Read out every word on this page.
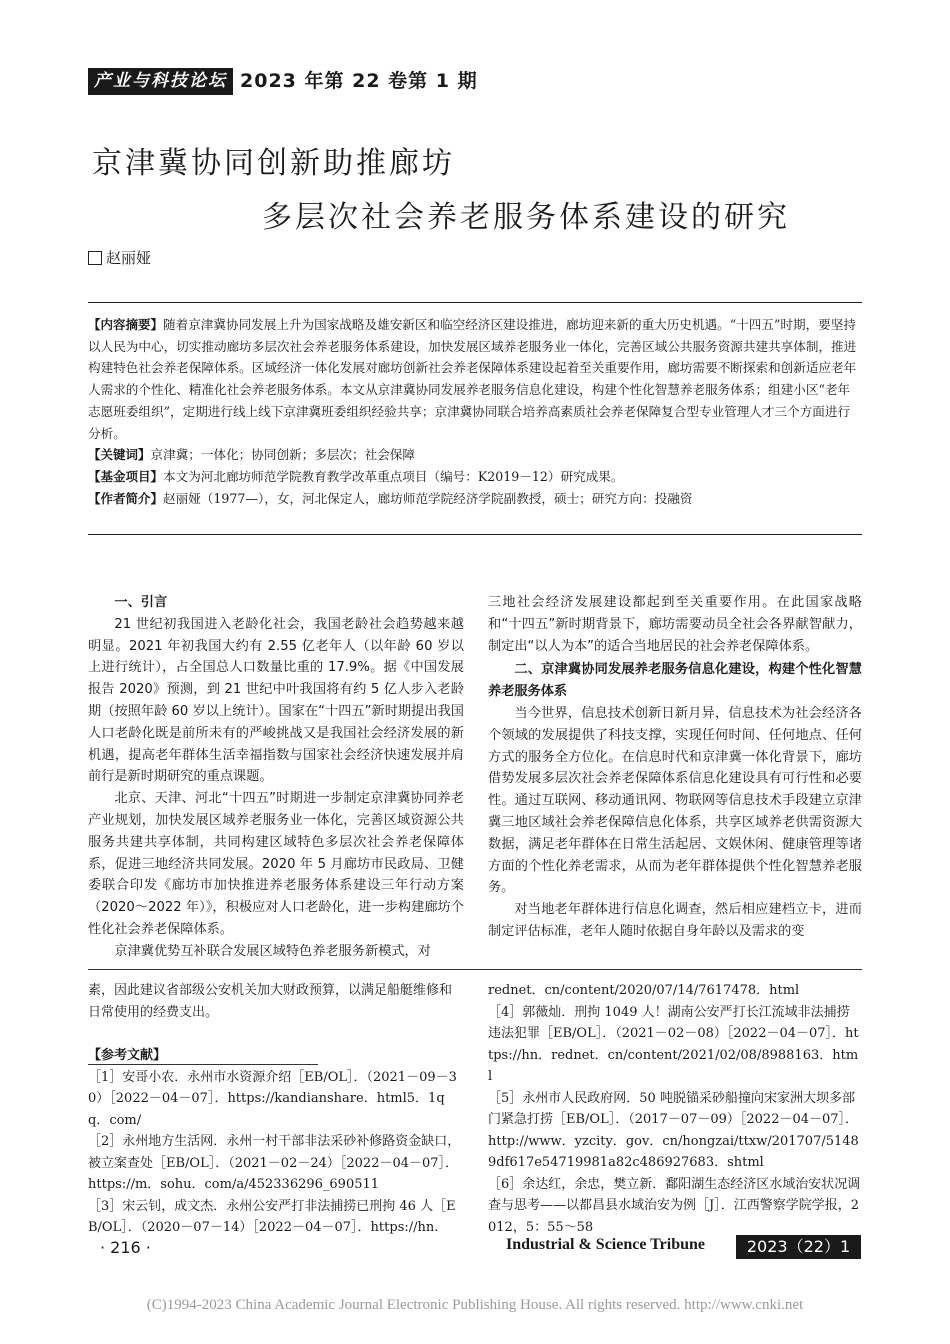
产业与科技论坛 2023 年第 22 卷第 1 期
京津冀协同创新助推廊坊
多层次社会养老服务体系建设的研究
赵丽娅

【内容摘要】随着京津冀协同发展上升为国家战略及雄安新区和临空经济区建设推进，廊坊迎来新的重大历史机遇。“十四五”时期，要坚持以人民为中心，切实推动廊坊多层次社会养老服务体系建设，加快发展区域养老服务业一体化，完善区域公共服务资源共建共享体制，推进构建特色社会养老保障体系。区域经济一体化发展对廊坊创新社会养老保障体系建设起着至关重要作用，廊坊需要不断探索和创新适应老年人需求的个性化、精准化社会养老服务体系。本文从京津冀协同发展养老服务信息化建设，构建个性化智慧养老服务体系；组建小区“老年志愿班委组织”，定期进行线上线下京津冀班委组织经验共享；京津冀协同联合培养高素质社会养老保障复合型专业管理人才三个方面进行分析。

【关键词】京津冀；一体化；协同创新；多层次；社会保障

【基金项目】本文为河北廊坊师范学院教育教学改革重点项目（编号：K2019－12）研究成果。

【作者简介】赵丽娅（1977—），女，河北保定人，廊坊师范学院经济学院副教授，硕士；研究方向：投融资

一、引言

21 世纪初我国进入老龄化社会，我国老龄社会趋势越来越明显。2021 年初我国大约有 2.55 亿老年人（以年龄 60 岁以上进行统计），占全国总人口数量比重的 17.9%。据《中国发展报告 2020》预测，到 21 世纪中叶我国将有约 5 亿人步入老龄期（按照年龄 60 岁以上统计）。国家在“十四五”新时期提出我国人口老龄化既是前所未有的严峻挑战又是我国社会经济发展的新机遇，提高老年群体生活幸福指数与国家社会经济快速发展并肩前行是新时期研究的重点课题。

北京、天津、河北“十四五”时期进一步制定京津冀协同养老产业规划，加快发展区域养老服务业一体化，完善区域资源公共服务共建共享体制，共同构建区域特色多层次社会养老保障体系，促进三地经济共同发展。2020 年 5 月廊坊市民政局、卫健委联合印发《廊坊市加快推进养老服务体系建设三年行动方案（2020～2022 年）》，积极应对人口老龄化，进一步构建廊坊个性化社会养老保障体系。

京津冀优势互补联合发展区域特色养老服务新模式，对

三地社会经济发展建设都起到至关重要作用。在此国家战略和“十四五”新时期背景下，廊坊需要动员全社会各界献智献力，制定出“以人为本”的适合当地居民的社会养老保障体系。

二、京津冀协同发展养老服务信息化建设，构建个性化智慧养老服务体系

当今世界，信息技术创新日新月异，信息技术为社会经济各个领域的发展提供了科技支撑，实现任何时间、任何地点、任何方式的服务全方位化。在信息时代和京津冀一体化背景下，廊坊借势发展多层次社会养老保障体系信息化建设具有可行性和必要性。通过互联网、移动通讯网、物联网等信息技术手段建立京津冀三地区域社会养老保障信息化体系，共享区域养老供需资源大数据，满足老年群体在日常生活起居、文娱休闲、健康管理等诸方面的个性化养老需求，从而为老年群体提供个性化智慧养老服务。

对当地老年群体进行信息化调查，然后相应建档立卡，进而制定评估标准，老年人随时依据自身年龄以及需求的变

素，因此建议省部级公安机关加大财政预算，以满足船艇维修和日常使用的经费支出。

【参考文献】

［1］安哥小农．永州市水资源介绍［EB/OL］．（2021－09－30）［2022－04－07］．https://kandianshare．html5．1qq．com/

［2］永州地方生活网．永州一村干部非法采砂补修路资金缺口，被立案查处［EB/OL］．（2021－02－24）［2022－04－07］．https://m．sohu．com/a/452336296_690511

［3］宋云钊，成文杰．永州公安严打非法捕捞已刑拘 46 人［EB/OL］．（2020－07－14）［2022－04－07］．https://hn.

rednet．cn/content/2020/07/14/7617478．html

［4］郭薇灿．刑拘 1049 人！湖南公安严打长江流域非法捕捞违法犯罪［EB/OL］．（2021－02－08）［2022－04－07］．https://hn．rednet．cn/content/2021/02/08/8988163．html

［5］永州市人民政府网．50 吨脱锚采砂船撞向宋家洲大坝多部门紧急打捞［EB/OL］．（2017－07－09）［2022－04－07］．http://www．yzcity．gov．cn/hongzai/ttxw/201707/51489df617e54719981a82c486927683．shtml

［6］余达红，余忠，樊立新．鄱阳湖生态经济区水域治安状况调查与思考——以都昌县水域治安为例［J］．江西警察学院学报，2012，5：55～58

· 216 ·	Industrial & Science Tribune	2023（22）1
(C)1994-2023 China Academic Journal Electronic Publishing House. All rights reserved. http://www.cnki.net
